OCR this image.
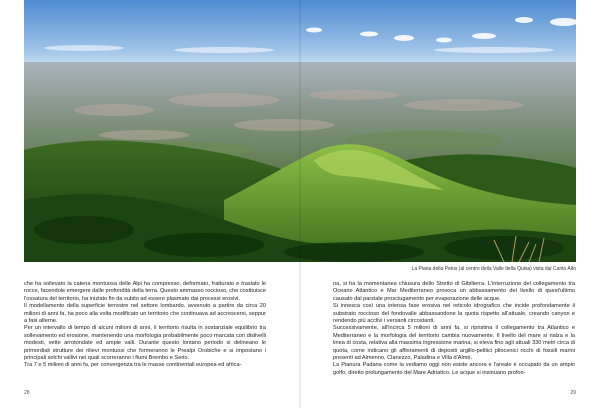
La Piana della Petos (al centro della Valle della Quisa) vista dal Canto Alto

che ha sollevato la catena montuosa delle Alpi ha compresso, deformato, fratturato e traslato le rocce, facendole emergere dalle profondità della terra. Questo ammasso roccioso, che costituisce l'ossatura del territorio, ha iniziato fin da subito ad essere plasmato dai processi erosivi.

Il modellamento della superficie terrestre nel settore lombardo, avvenuto a partire da circa 20 milioni di anni fa, ha poco alla volta modificato un territorio che continuava ad accrescersi, seppur a fasi alterne.

Per un intervallo di tempo di alcuni milioni di anni, il territorio risulta in sostanziale equilibrio tra sollevamento ed erosione, mantenendo una morfologia probabilmente poco marcata con dislivelli modesti, vette arrotondate ed ampie valli. Durante questo lontano periodo si delineano le primordiali strutture dei rilievi montuosi che formeranno le Prealpi Orobiche e si impostano i principali solchi vallivi nei quali scorreranno i fiumi Brembo e Serio.

Tra 7 e 5 milioni di anni fa, per convergenza tra le masse continentali europea ed africa-

na, si ha la momentanea chiusura dello Stretto di Gibilterra. L'interruzione del collegamento tra Oceano Atlantico e Mar Mediterraneo provoca un abbassamento del livello di quest'ultimo causato dal parziale prosciugamento per evaporazione delle acque.

Si innesca così una intensa fase erosiva nel reticolo idrografico che incide profondamente il substrato roccioso del fondovalle abbassandone la quota rispetto all'attuale, creando canyon e rendendo più acclivi i versanti circostanti.

Successivamente, all'incirca 5 milioni di anni fa, si ripristina il collegamento tra Atlantico e Mediterraneo e la morfologia del territorio cambia nuovamente. Il livello del mare si rialza e la linea di costa, relativa alla massima ingressione marina, si eleva fino agli attuali 330 metri circa di quota, come indicano gli affioramenti di depositi argillo-pelitici pliocenici ricchi di fossili marini presenti ad Almenno, Clanezzo, Paladina e Villa d'Almè.

La Pianura Padana come la vediamo oggi non esiste ancora e l'areale è occupato da un ampio golfo, diretto prolungamento del Mare Adriatico. Le acque si insinuano profon-

28	29
